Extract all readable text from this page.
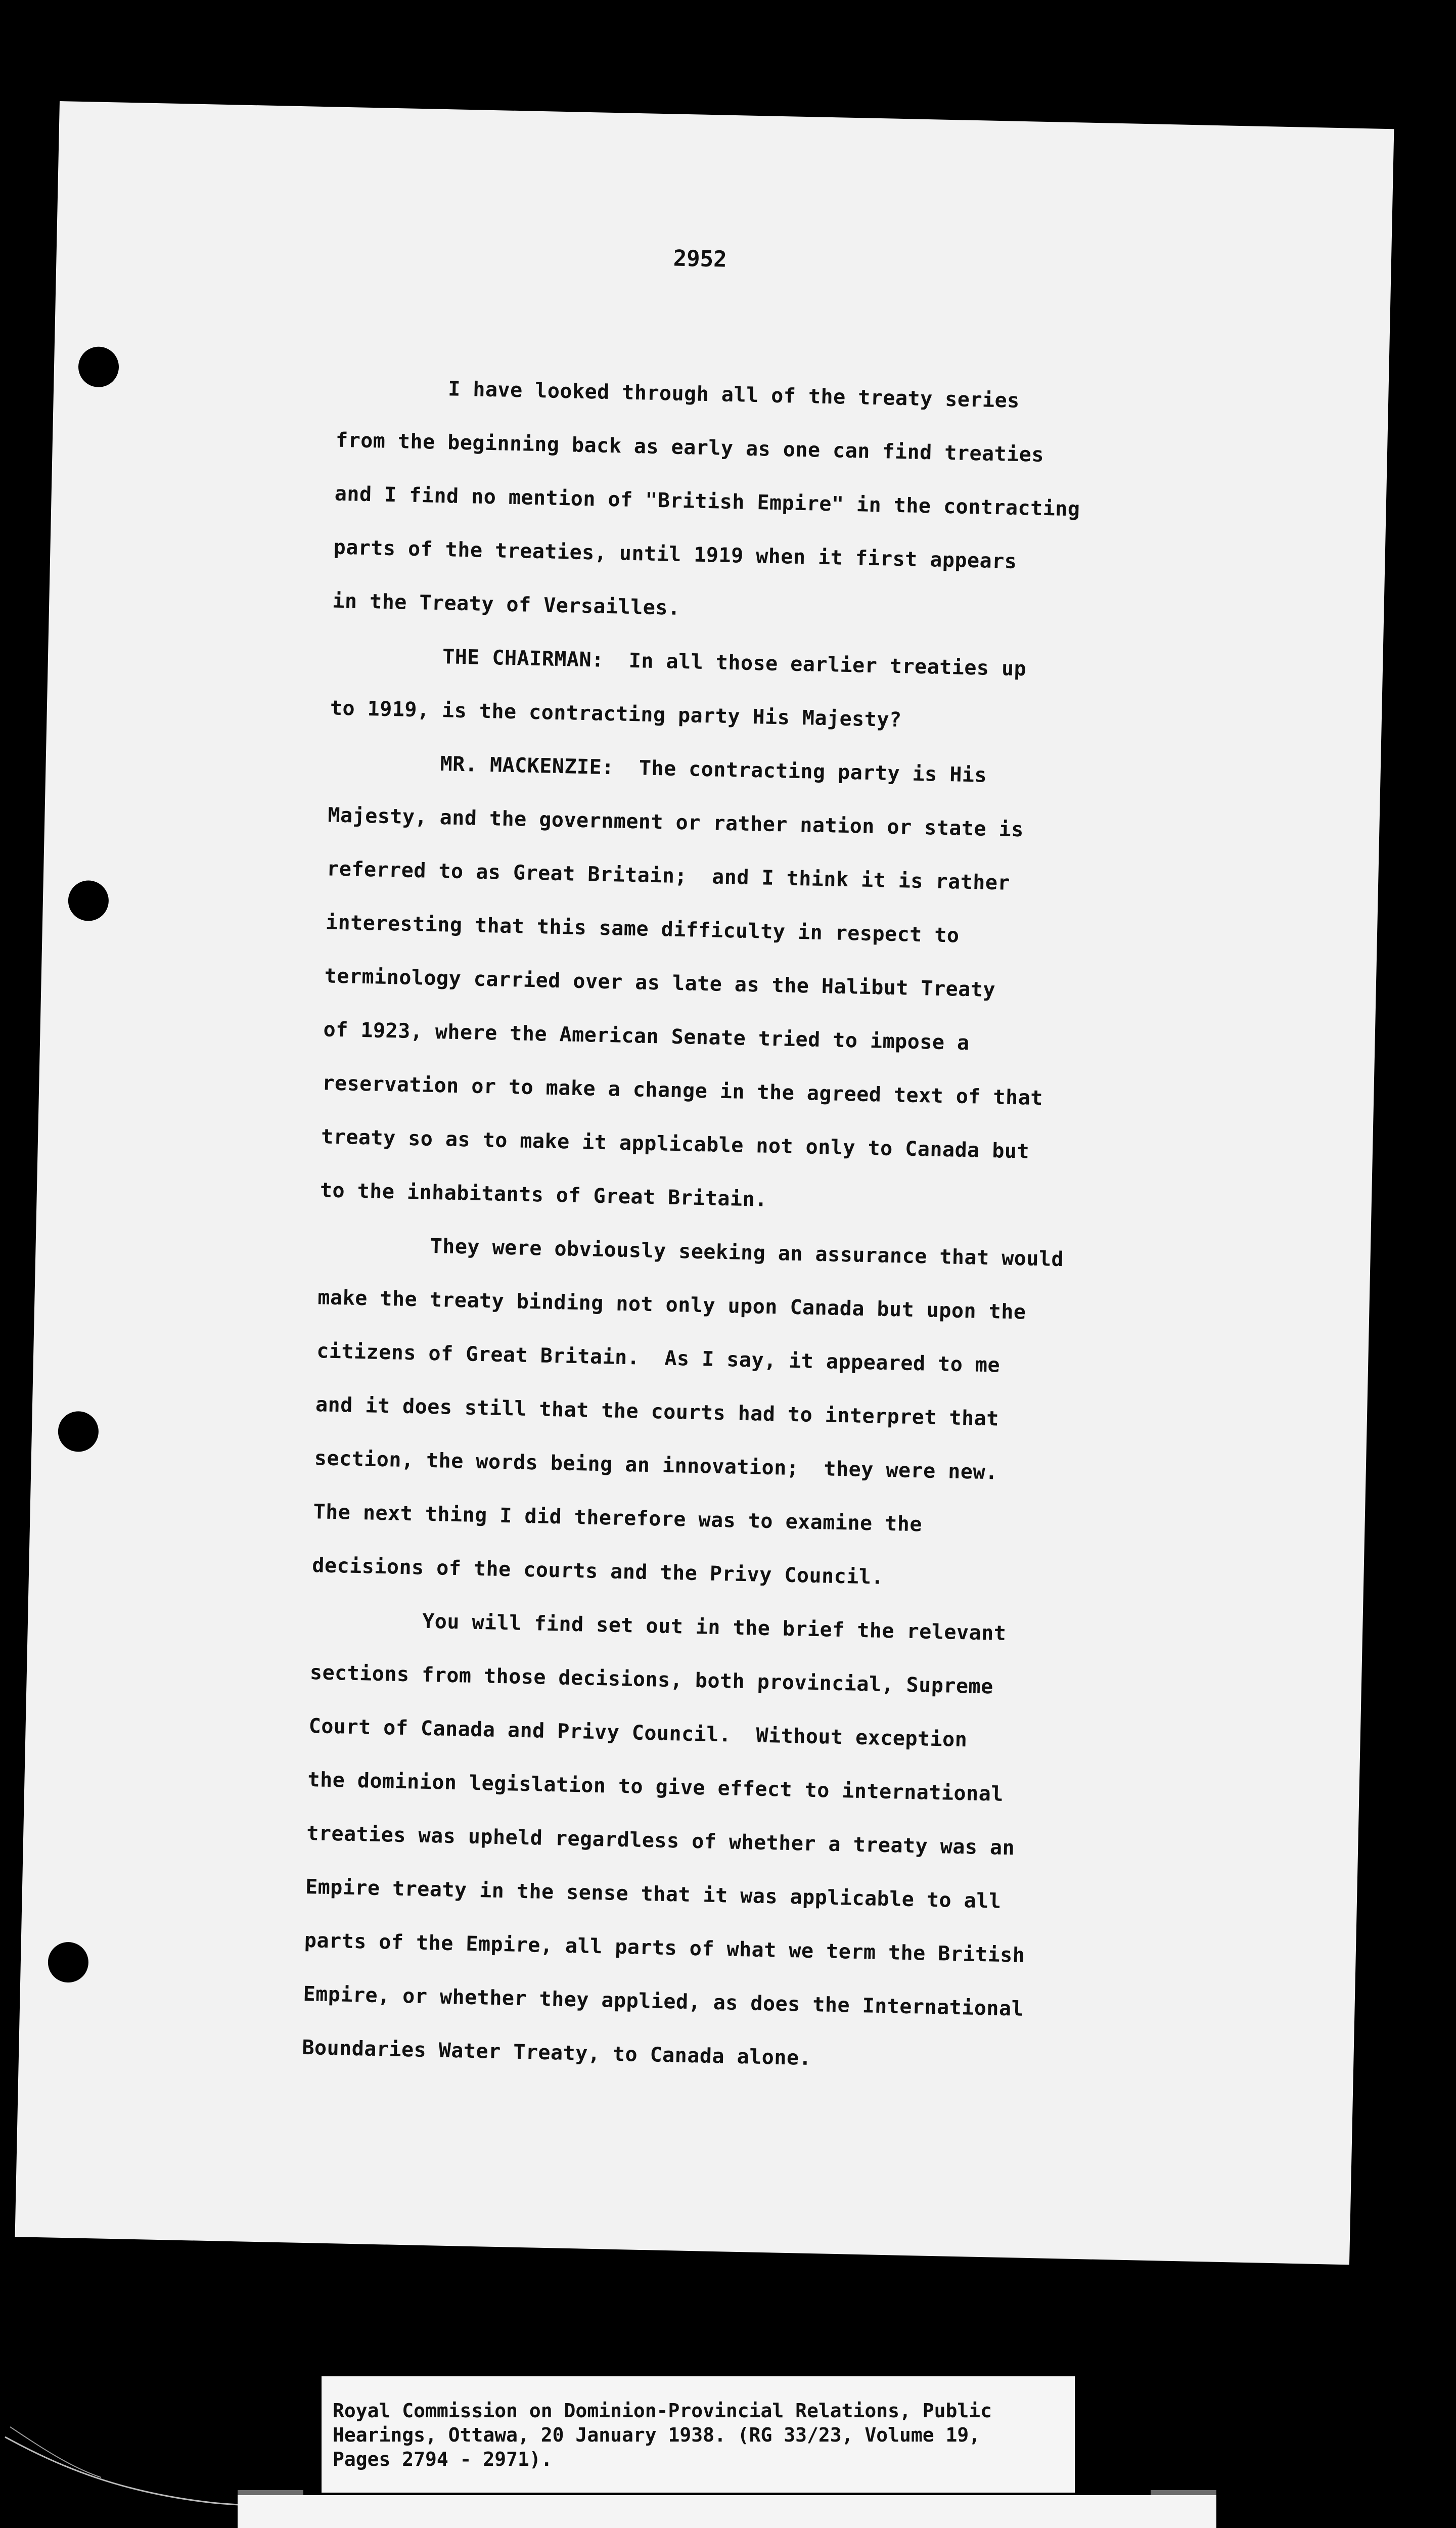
2952

I have looked through all of the treaty series
from the beginning back as early as one can find treaties
and I find no mention of "British Empire" in the contracting
parts of the treaties, until 1919 when it first appears
in the Treaty of Versailles.

THE CHAIRMAN:  In all those earlier treaties up
to 1919, is the contracting party His Majesty?

MR. MACKENZIE:  The contracting party is His
Majesty, and the government or rather nation or state is
referred to as Great Britain;  and I think it is rather
interesting that this same difficulty in respect to
terminology carried over as late as the Halibut Treaty
of 1923, where the American Senate tried to impose a
reservation or to make a change in the agreed text of that
treaty so as to make it applicable not only to Canada but
to the inhabitants of Great Britain.

They were obviously seeking an assurance that would
make the treaty binding not only upon Canada but upon the
citizens of Great Britain.  As I say, it appeared to me
and it does still that the courts had to interpret that
section, the words being an innovation;  they were new.
The next thing I did therefore was to examine the
decisions of the courts and the Privy Council.

You will find set out in the brief the relevant
sections from those decisions, both provincial, Supreme
Court of Canada and Privy Council.  Without exception
the dominion legislation to give effect to international
treaties was upheld regardless of whether a treaty was an
Empire treaty in the sense that it was applicable to all
parts of the Empire, all parts of what we term the British
Empire, or whether they applied, as does the International
Boundaries Water Treaty, to Canada alone.

Royal Commission on Dominion-Provincial Relations, Public
Hearings, Ottawa, 20 January 1938. (RG 33/23, Volume 19,
Pages 2794 - 2971).
